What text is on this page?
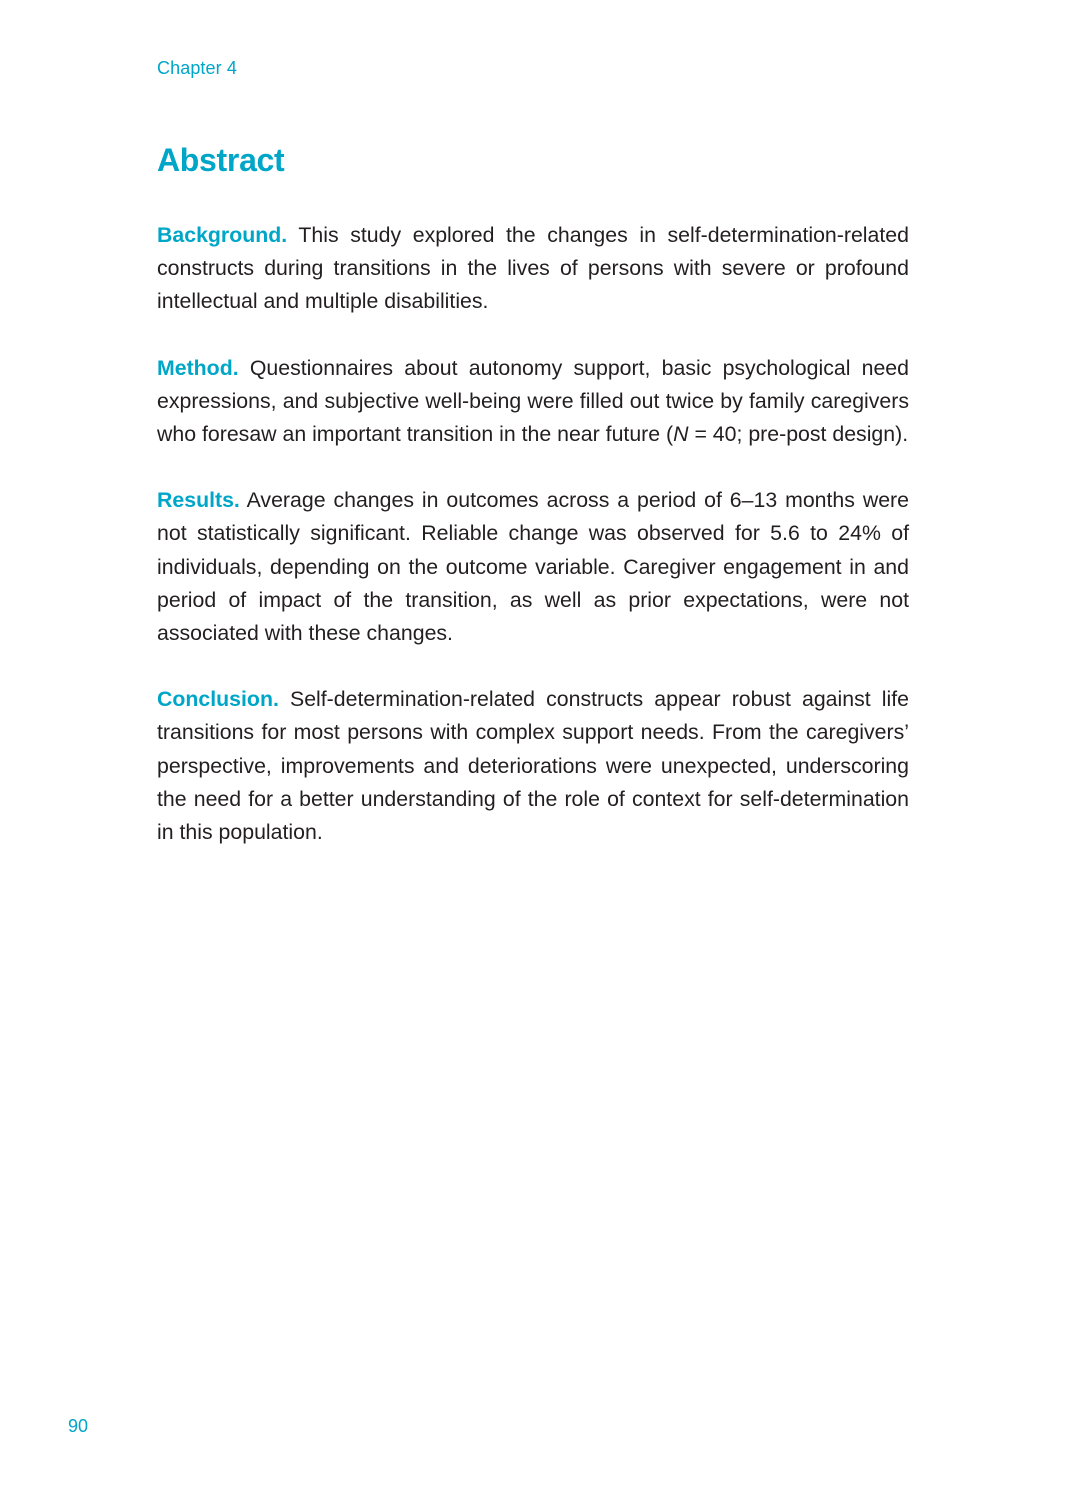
Chapter 4
Abstract

Background. This study explored the changes in self-determination-related constructs during transitions in the lives of persons with severe or profound intellectual and multiple disabilities.

Method. Questionnaires about autonomy support, basic psychological need expressions, and subjective well-being were filled out twice by family caregivers who foresaw an important transition in the near future (N = 40; pre-post design).

Results. Average changes in outcomes across a period of 6–13 months were not statistically significant. Reliable change was observed for 5.6 to 24% of individuals, depending on the outcome variable. Caregiver engagement in and period of impact of the transition, as well as prior expectations, were not associated with these changes.

Conclusion. Self-determination-related constructs appear robust against life transitions for most persons with complex support needs. From the caregivers’ perspective, improvements and deteriorations were unexpected, underscoring the need for a better understanding of the role of context for self-determination in this population.

90
